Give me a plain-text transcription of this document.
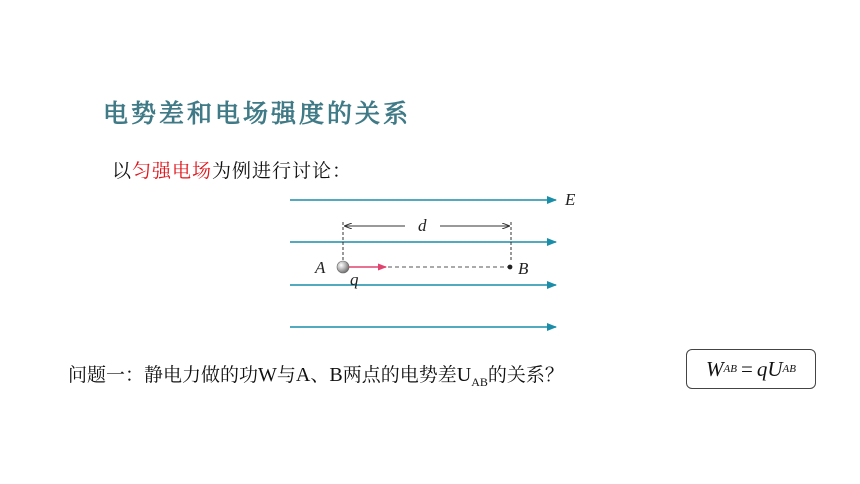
电势差和电场强度的关系
以匀强电场为例进行讨论：
E
d
A
q
B
问题一：静电力做的功W与A、B两点的电势差$U_{AB}$的关系？	W AB = qU AB
